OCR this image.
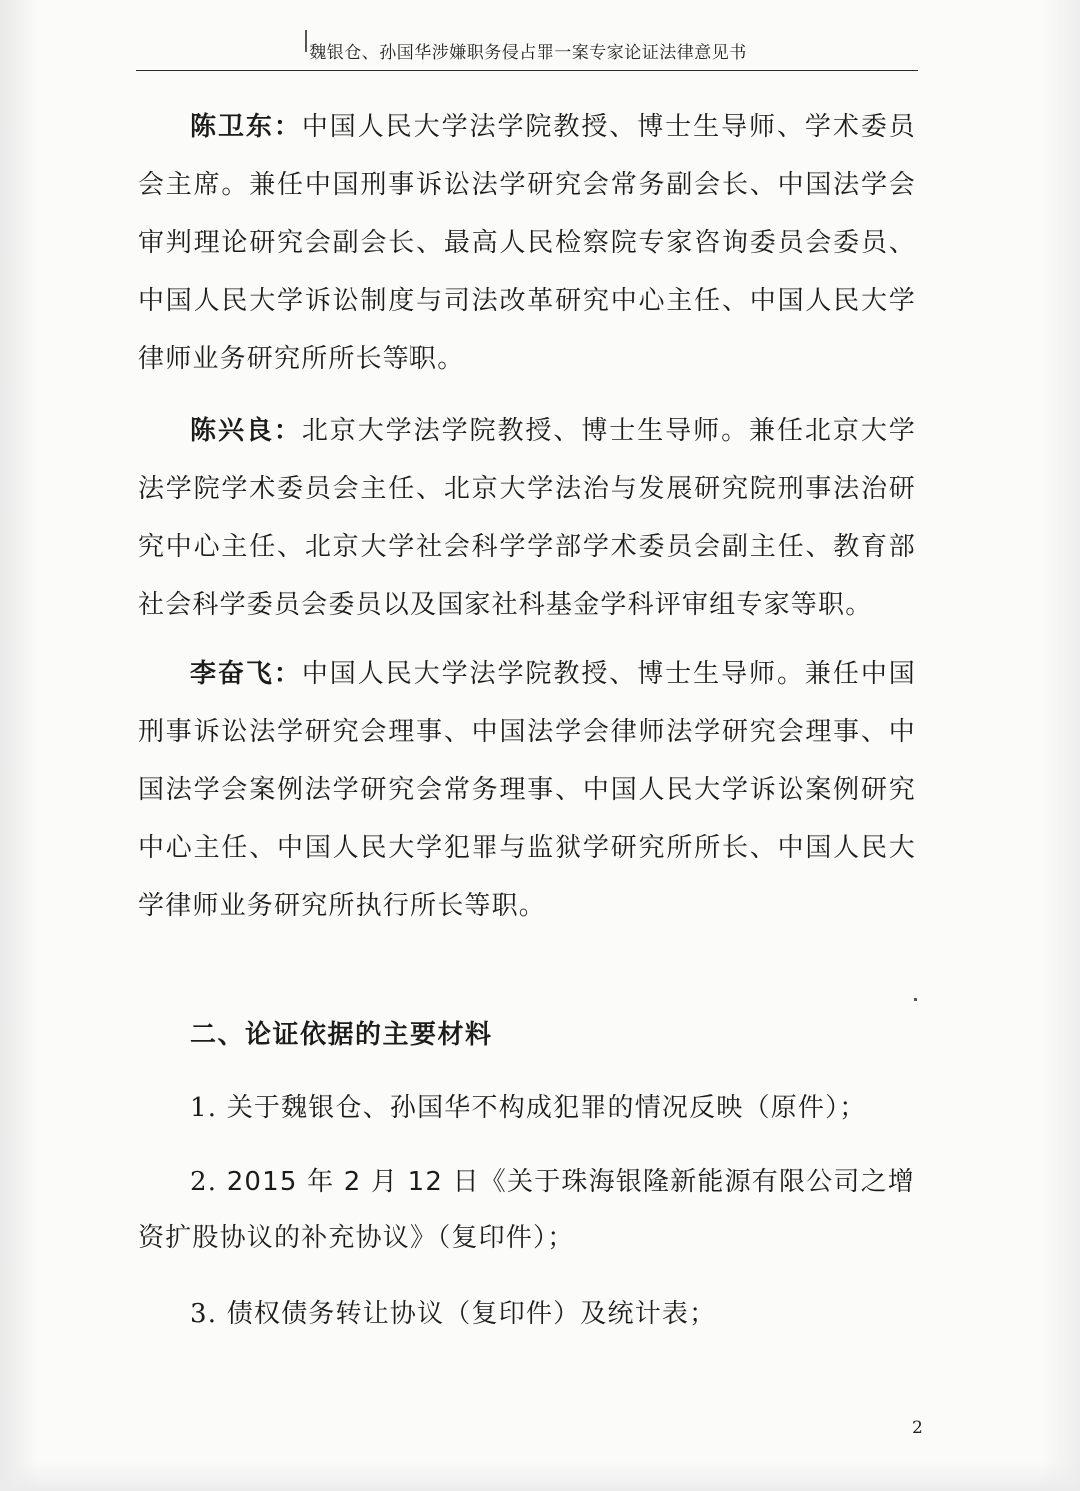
魏银仓、孙国华涉嫌职务侵占罪一案专家论证法律意见书

陈卫东：中国人民大学法学院教授、博士生导师、学术委员会主席。兼任中国刑事诉讼法学研究会常务副会长、中国法学会审判理论研究会副会长、最高人民检察院专家咨询委员会委员、中国人民大学诉讼制度与司法改革研究中心主任、中国人民大学律师业务研究所所长等职。

陈兴良：北京大学法学院教授、博士生导师。兼任北京大学法学院学术委员会主任、北京大学法治与发展研究院刑事法治研究中心主任、北京大学社会科学学部学术委员会副主任、教育部社会科学委员会委员以及国家社科基金学科评审组专家等职。

李奋飞：中国人民大学法学院教授、博士生导师。兼任中国刑事诉讼法学研究会理事、中国法学会律师法学研究会理事、中国法学会案例法学研究会常务理事、中国人民大学诉讼案例研究中心主任、中国人民大学犯罪与监狱学研究所所长、中国人民大学律师业务研究所执行所长等职。

二、论证依据的主要材料

1. 关于魏银仓、孙国华不构成犯罪的情况反映（原件）；

2. 2015 年 2 月 12 日《关于珠海银隆新能源有限公司之增资扩股协议的补充协议》（复印件）；

3. 债权债务转让协议（复印件）及统计表；

2
